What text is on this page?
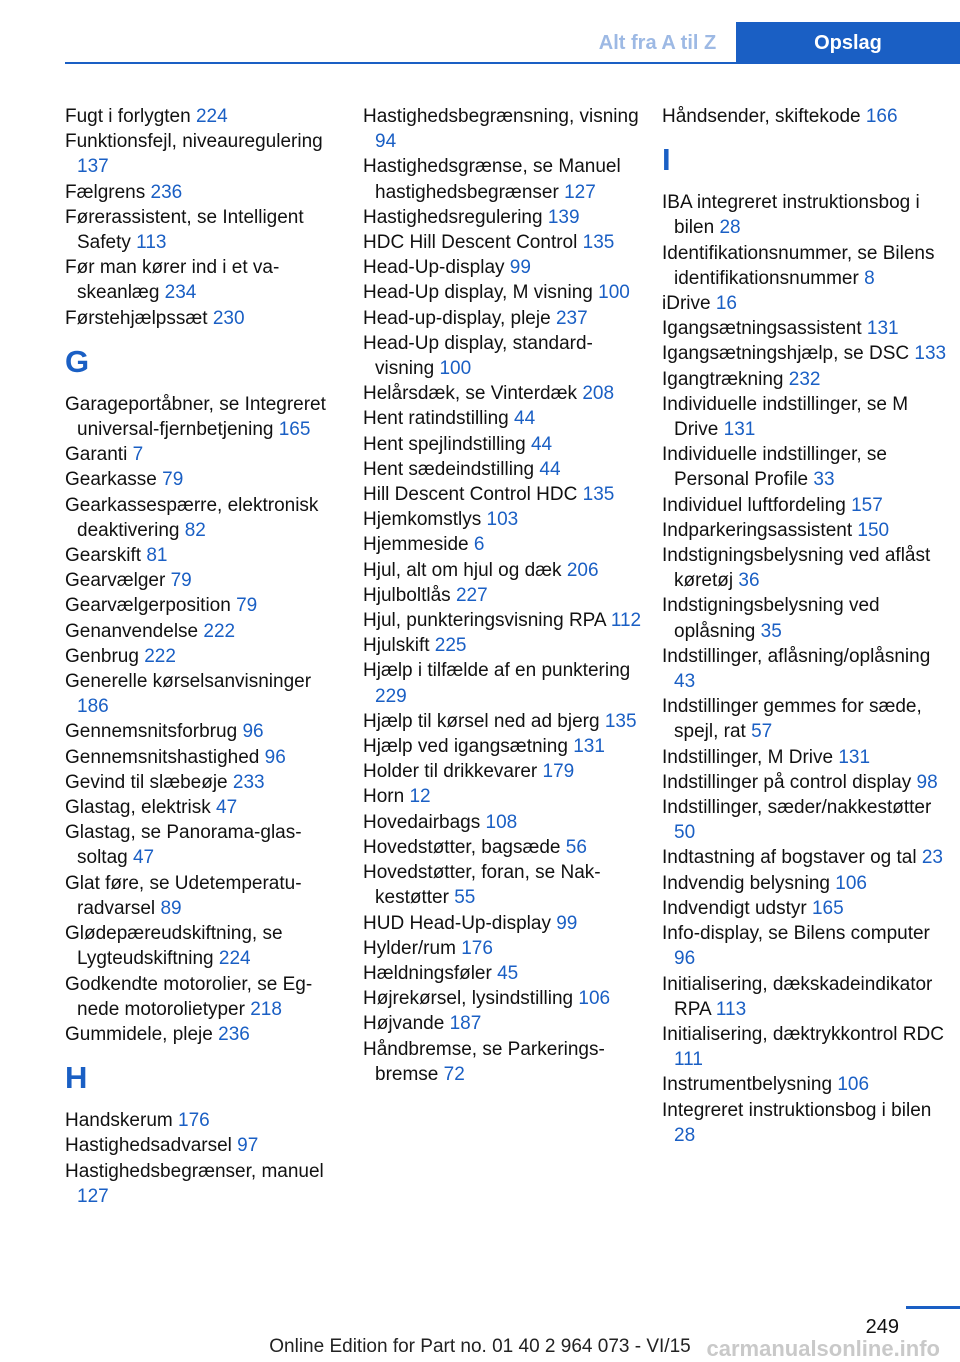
Alt fra A til Z	Opslag
Fugt i forlygten 224
Funktionsfejl, niveauregulering 137
Fælgrens 236
Førerassistent, se Intelligent Safety 113
Før man kører ind i et vaskeanlæg 234
Førstehjælpssæt 230
G
Garageportåbner, se Integreret universal-fjernbetjening 165
Garanti 7
Gearkasse 79
Gearkassespærre, elektronisk deaktivering 82
Gearskift 81
Gearvælger 79
Gearvælgerposition 79
Genanvendelse 222
Genbrug 222
Generelle kørselsanvisninger 186
Gennemsnitsforbrug 96
Gennemsnitshastighed 96
Gevind til slæbeøje 233
Glastag, elektrisk 47
Glastag, se Panorama-glassoltag 47
Glat føre, se Udetemperaturadvarsel 89
Glødepæreudskiftning, se Lygteudskiftning 224
Godkendte motorolier, se Egnede motorolietyper 218
Gummidele, pleje 236
H
Handskerum 176
Hastighedsadvarsel 97
Hastighedsbegrænser, manuel 127
Hastighedsbegrænsning, visning 94
Hastighedsgrænse, se Manuel hastighedsbegrænser 127
Hastighedsregulering 139
HDC Hill Descent Control 135
Head-Up-display 99
Head-Up display, M visning 100
Head-up-display, pleje 237
Head-Up display, standardvisning 100
Helårsdæk, se Vinterdæk 208
Hent ratindstilling 44
Hent spejlindstilling 44
Hent sædeindstilling 44
Hill Descent Control HDC 135
Hjemkomstlys 103
Hjemmeside 6
Hjul, alt om hjul og dæk 206
Hjulboltlås 227
Hjul, punkteringsvisning RPA 112
Hjulskift 225
Hjælp i tilfælde af en punktering 229
Hjælp til kørsel ned ad bjerg 135
Hjælp ved igangsætning 131
Holder til drikkevarer 179
Horn 12
Hovedairbags 108
Hovedstøtter, bagsæde 56
Hovedstøtter, foran, se Nakkestøtter 55
HUD Head-Up-display 99
Hylder/rum 176
Hældningsføler 45
Højrekørsel, lysindstilling 106
Højvande 187
Håndbremse, se Parkeringsbremse 72
Håndsender, skiftekode 166
I
IBA integreret instruktionsbog i bilen 28
Identifikationsnummer, se Bilens identifikationsnummer 8
iDrive 16
Igangsætningsassistent 131
Igangsætningshjælp, se DSC 133
Igangtrækning 232
Individuelle indstillinger, se M Drive 131
Individuelle indstillinger, se Personal Profile 33
Individuel luftfordeling 157
Indparkeringsassistent 150
Indstigningsbelysning ved aflåst køretøj 36
Indstigningsbelysning ved oplåsning 35
Indstillinger, aflåsning/oplåsning 43
Indstillinger gemmes for sæde, spejl, rat 57
Indstillinger, M Drive 131
Indstillinger på control display 98
Indstillinger, sæder/nakkestøtter 50
Indtastning af bogstaver og tal 23
Indvendig belysning 106
Indvendigt udstyr 165
Info-display, se Bilens computer 96
Initialisering, dækskadeindikator RPA 113
Initialisering, dæktrykkontrol RDC 111
Instrumentbelysning 106
Integreret instruktionsbog i bilen 28
249
Online Edition for Part no. 01 40 2 964 073 - VI/15 carmanualsonline.info
